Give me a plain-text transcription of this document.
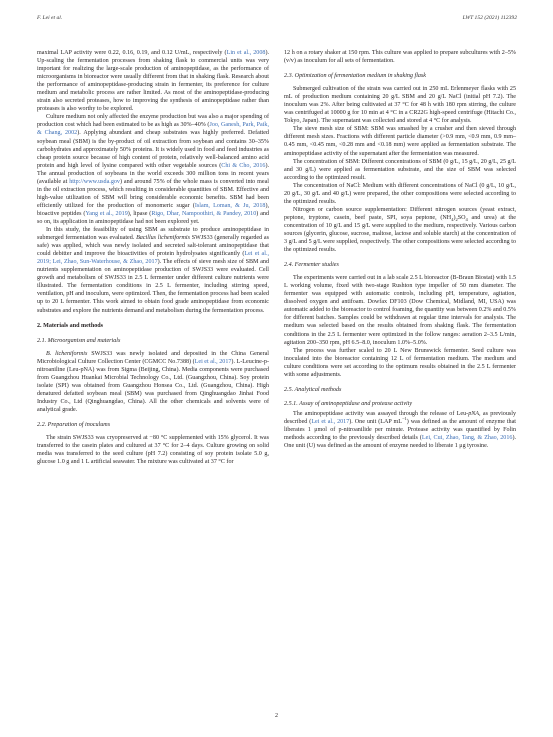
F. Lei et al.	LWT 152 (2021) 112392

maximal LAP activity were 0.22, 0.16, 0.19, and 0.12 U/mL, respectively (Lin et al., 2008). Up-scaling the fermentation processes from shaking flask to commercial units was very important for realizing the large-scale production of aminopeptidase, as the performance of microorganisms in bioreactor were usually different from that in shaking flask. Research about the performance of aminopeptidase-producing strain in fermenter, its preference for culture medium and metabolic process are rather limited. As most of the aminopeptidase-producing strain also secreted proteases, how to improving the synthesis of aminopeptidase rather than proteases is also worthy to be explored.

Culture medium not only affected the enzyme production but was also a major spending of production cost which had been estimated to be as high as 30%–40% (Joo, Ganesh, Park, Paik, & Chang, 2002). Applying abundant and cheap substrates was highly preferred. Defatted soybean meal (SBM) is the by-product of oil extraction from soybean and contains 30–35% carbohydrates and approximately 50% proteins. It is widely used in food and feed industries as cheap protein source because of high content of protein, relatively well-balanced amino acid protein and high level of lysine compared with other vegetable sources (Chi & Cho, 2016). The annual production of soybeans in the world exceeds 300 million tons in recent years (available at http://www.usda.gov) and around 75% of the whole mass is converted into meal in the oil extraction process, which resulting in considerable quantities of SBM. Effective and high-value utilization of SBM will bring considerable economic benefits. SBM had been efficiently utilized for the production of monomeric sugar (Islam, Loman, & Ju, 2018), bioactive peptides (Yang et al., 2019), lipase (Rigo, Dhar, Nampoothiri, & Pandey, 2010) and so on, its application in aminopeptidase had not been explored yet.

In this study, the feasibility of using SBM as substrate to produce aminopeptidase in submerged fermentation was evaluated. Bacillus licheniformis SWJS33 (generally regarded as safe) was applied, which was newly isolated and secreted salt-tolerant aminopeptidase that could debitter and improve the bioactivities of protein hydrolysates significantly (Lei et al., 2019; Lei, Zhao, Sun-Waterhouse, & Zhao, 2017). The effects of sieve mesh size of SBM and nutrients supplementation on aminopeptidase production of SWJS33 were evaluated. Cell growth and metabolism of SWJS33 in 2.5 L fermenter under different culture nutrients were illustrated. The fermentation conditions in 2.5 L fermenter, including stirring speed, ventilation, pH and inoculum, were optimized. Then, the fermentation process had been scaled up to 20 L fermenter. This work aimed to obtain food grade aminopeptidase from economic substrates and explore the nutrients demand and metabolism during the fermentation process.

2. Materials and methods
2.1. Microorganism and materials

B. licheniformis SWJS33 was newly isolated and deposited in the China General Microbiological Culture Collection Center (CGMCC No.7388) (Lei et al., 2017). L-Leucine-p-nitroaniline (Leu-pNA) was from Sigma (Beijing, China). Media components were purchased from Guangzhou Huankai Microbial Technology Co., Ltd. (Guangzhou, China). Soy protein isolate (SPI) was obtained from Guangzhou Honsea Co., Ltd. (Guangzhou, China). High denatured defatted soybean meal (SBM) was purchased from Qinghuangdao Jinhai Food Industry Co., Ltd (Qinghuangdao, China). All the other chemicals and solvents were of analytical grade.

2.2. Preparation of inoculums

The strain SWJS33 was cryopreserved at −80 °C supplemented with 15% glycerol. It was transferred to the casein plates and cultured at 37 °C for 2–4 days. Culture growing on solid media was transferred to the seed culture (pH 7.2) consisting of soy protein isolate 5.0 g, glucose 1.0 g and 1 L artificial seawater. The mixture was cultivated at 37 °C for

12 h on a rotary shaker at 150 rpm. This culture was applied to prepare subcultures with 2–5% (v/v) as inoculum for all sets of fermentation.

2.3. Optimization of fermentation medium in shaking flask

Submerged cultivation of the strain was carried out in 250 mL Erlenmeyer flasks with 25 mL of production medium containing 20 g/L SBM and 20 g/L NaCl (initial pH 7.2). The inoculum was 2%. After being cultivated at 37 °C for 48 h with 180 rpm stirring, the culture was centrifuged at 10000 g for 10 min at 4 °C in a CR22G high-speed centrifuge (Hitachi Co., Tokyo, Japan). The supernatant was collected and stored at 4 °C for analysis.

The sieve mesh size of SBM: SBM was smashed by a crusher and then sieved through different mesh sizes. Fractions with different particle diameter (>0.9 mm, <0.9 mm, 0.9 mm–0.45 mm, <0.45 mm, <0.28 mm and <0.18 mm) were applied as fermentation substrate. The aminopeptidase activity of the supernatant after the fermentation was measured.

The concentration of SBM: Different concentrations of SBM (0 g/L, 15 g/L, 20 g/L, 25 g/L and 30 g/L) were applied as fermentation substrate, and the size of SBM was selected according to the optimized result.

The concentration of NaCl: Medium with different concentrations of NaCl (0 g/L, 10 g/L, 20 g/L, 30 g/L and 40 g/L) were prepared, the other compositions were selected according to the optimized results.

Nitrogen or carbon source supplementation: Different nitrogen sources (yeast extract, peptone, tryptone, casein, beef paste, SPI, soya peptone, $(NH_4)_2SO_4$ and urea) at the concentration of 10 g/L and 15 g/L were supplied to the medium, respectively. Various carbon sources (glycerin, glucose, sucrose, maltose, lactose and soluble starch) at the concentration of 3 g/L and 5 g/L were supplied, respectively. The other compositions were selected according to the optimized results.

2.4. Fermenter studies

The experiments were carried out in a lab scale 2.5 L bioreactor (B-Braun Biostat) with 1.5 L working volume, fixed with two-stage Rushton type impeller of 50 mm diameter. The fermenter was equipped with automatic controls, including pH, temperature, agitation, dissolved oxygen and antifoam. Dowfax DF103 (Dow Chemical, Midland, MI, USA) was automatic added to the bioreactor to control foaming, the quantity was between 0.2% and 0.5% for different batches. Samples could be withdrawn at regular time intervals for analysis. The medium was selected based on the results obtained from shaking flask. The fermentation conditions in the 2.5 L fermenter were optimized in the follow ranges: aeration 2–3.5 L/min, agitation 200–350 rpm, pH 6.5–8.0, inoculum 1.0%–5.0%.

The process was further scaled to 20 L New Brunswick fermenter. Seed culture was inoculated into the bioreactor containing 12 L of fermentation medium. The medium and culture conditions were set according to the optimum results obtained in the 2.5 L fermenter with some adjustments.

2.5. Analytical methods
2.5.1. Assay of aminopeptidase and protease activity

The aminopeptidase activity was assayed through the release of Leu-pNA, as previously described (Lei et al., 2017). One unit (LAP $mL^{-1}$) was defined as the amount of enzyme that liberates 1 μmol of p-nitroanilide per minute. Protease activity was quantified by Folin methods according to the previously described details (Lei, Cui, Zhao, Tang, & Zhao, 2016). One unit (U) was defined as the amount of enzyme needed to liberate 1 μg tyrosine.

2
